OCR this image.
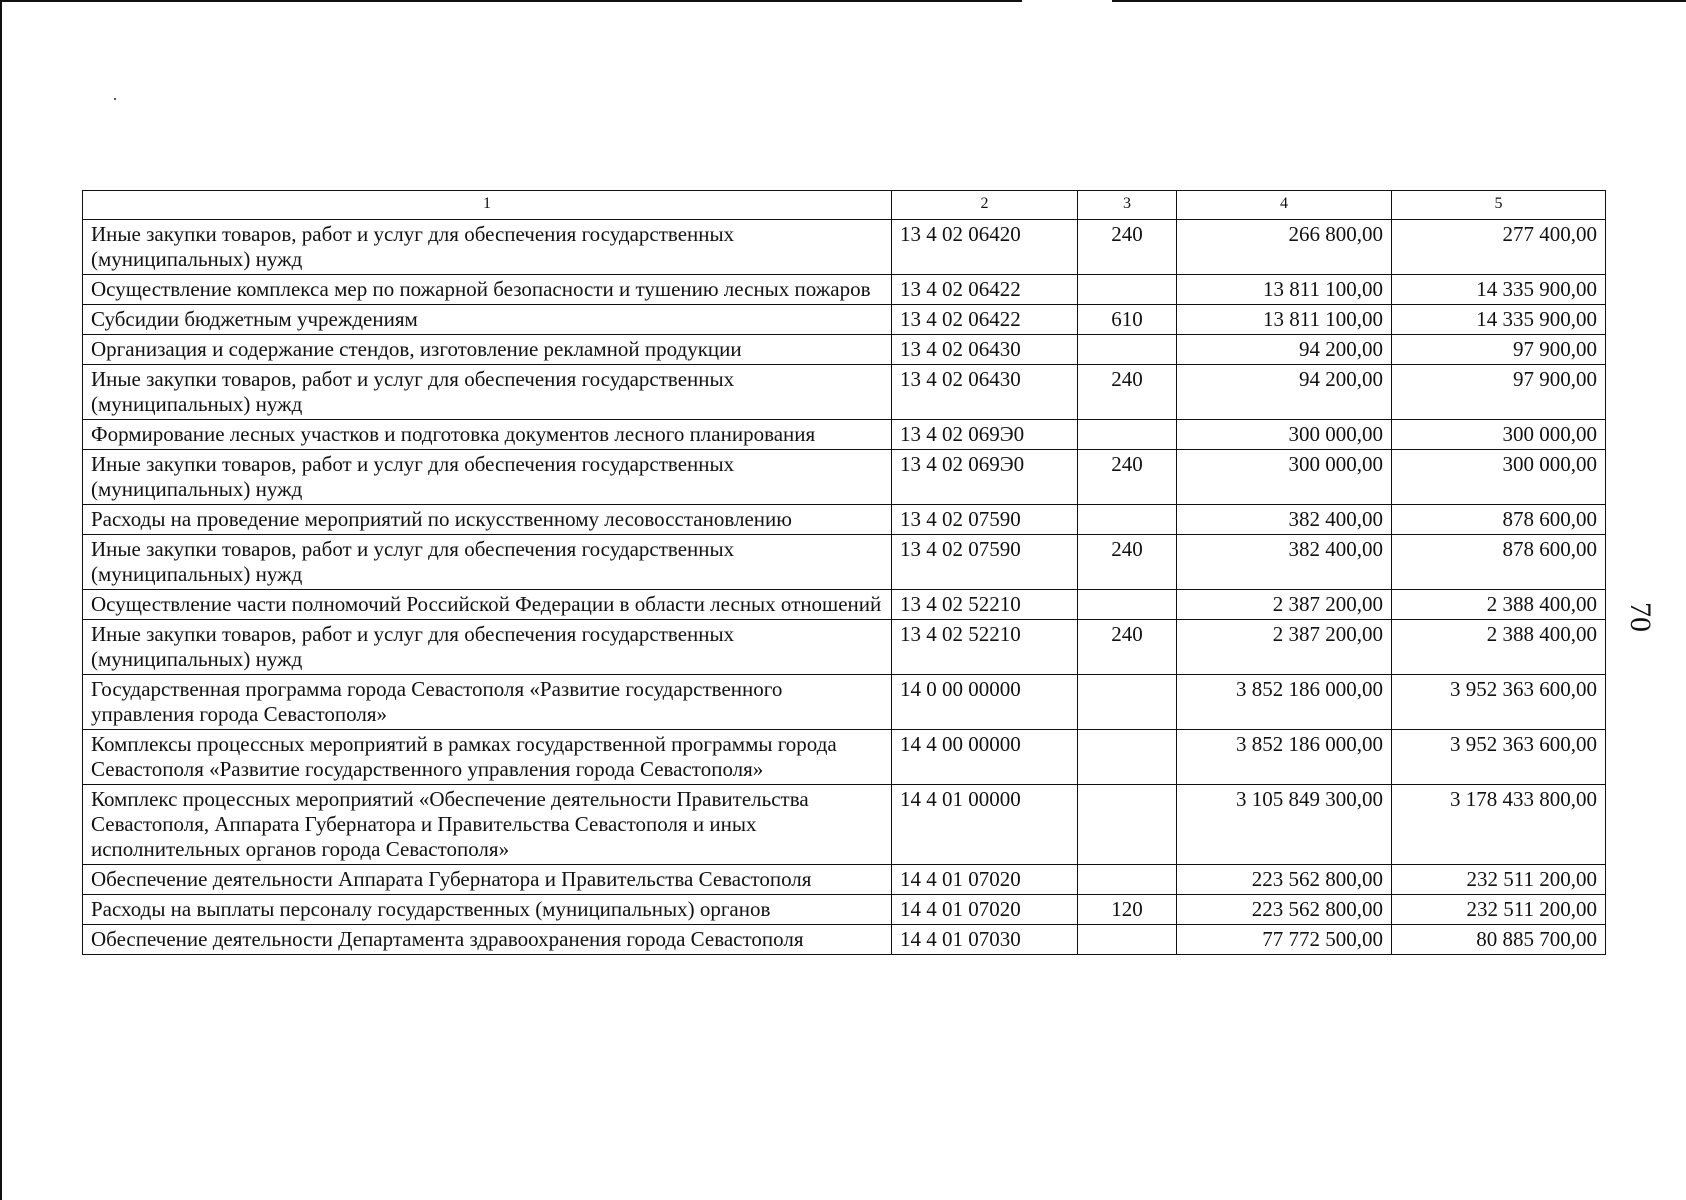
1	2	3	4	5
Иные закупки товаров, работ и услуг для обеспечения государственных (муниципальных) нужд	13 4 02 06420	240	266 800,00	277 400,00
Осуществление комплекса мер по пожарной безопасности и тушению лесных пожаров	13 4 02 06422		13 811 100,00	14 335 900,00
Субсидии бюджетным учреждениям	13 4 02 06422	610	13 811 100,00	14 335 900,00
Организация и содержание стендов, изготовление рекламной продукции	13 4 02 06430		94 200,00	97 900,00
Иные закупки товаров, работ и услуг для обеспечения государственных (муниципальных) нужд	13 4 02 06430	240	94 200,00	97 900,00
Формирование лесных участков и подготовка документов лесного планирования	13 4 02 069Э0		300 000,00	300 000,00
Иные закупки товаров, работ и услуг для обеспечения государственных (муниципальных) нужд	13 4 02 069Э0	240	300 000,00	300 000,00
Расходы на проведение мероприятий по искусственному лесовосстановлению	13 4 02 07590		382 400,00	878 600,00
Иные закупки товаров, работ и услуг для обеспечения государственных (муниципальных) нужд	13 4 02 07590	240	382 400,00	878 600,00
Осуществление части полномочий Российской Федерации в области лесных отношений	13 4 02 52210		2 387 200,00	2 388 400,00
Иные закупки товаров, работ и услуг для обеспечения государственных (муниципальных) нужд	13 4 02 52210	240	2 387 200,00	2 388 400,00
Государственная программа города Севастополя «Развитие государственного управления города Севастополя»	14 0 00 00000		3 852 186 000,00	3 952 363 600,00
Комплексы процессных мероприятий в рамках государственной программы города Севастополя «Развитие государственного управления города Севастополя»	14 4 00 00000		3 852 186 000,00	3 952 363 600,00
Комплекс процессных мероприятий «Обеспечение деятельности Правительства Севастополя, Аппарата Губернатора и Правительства Севастополя и иных исполнительных органов города Севастополя»	14 4 01 00000		3 105 849 300,00	3 178 433 800,00
Обеспечение деятельности Аппарата Губернатора и Правительства Севастополя	14 4 01 07020		223 562 800,00	232 511 200,00
Расходы на выплаты персоналу государственных (муниципальных) органов	14 4 01 07020	120	223 562 800,00	232 511 200,00
Обеспечение деятельности Департамента здравоохранения города Севастополя	14 4 01 07030		77 772 500,00	80 885 700,00
70
